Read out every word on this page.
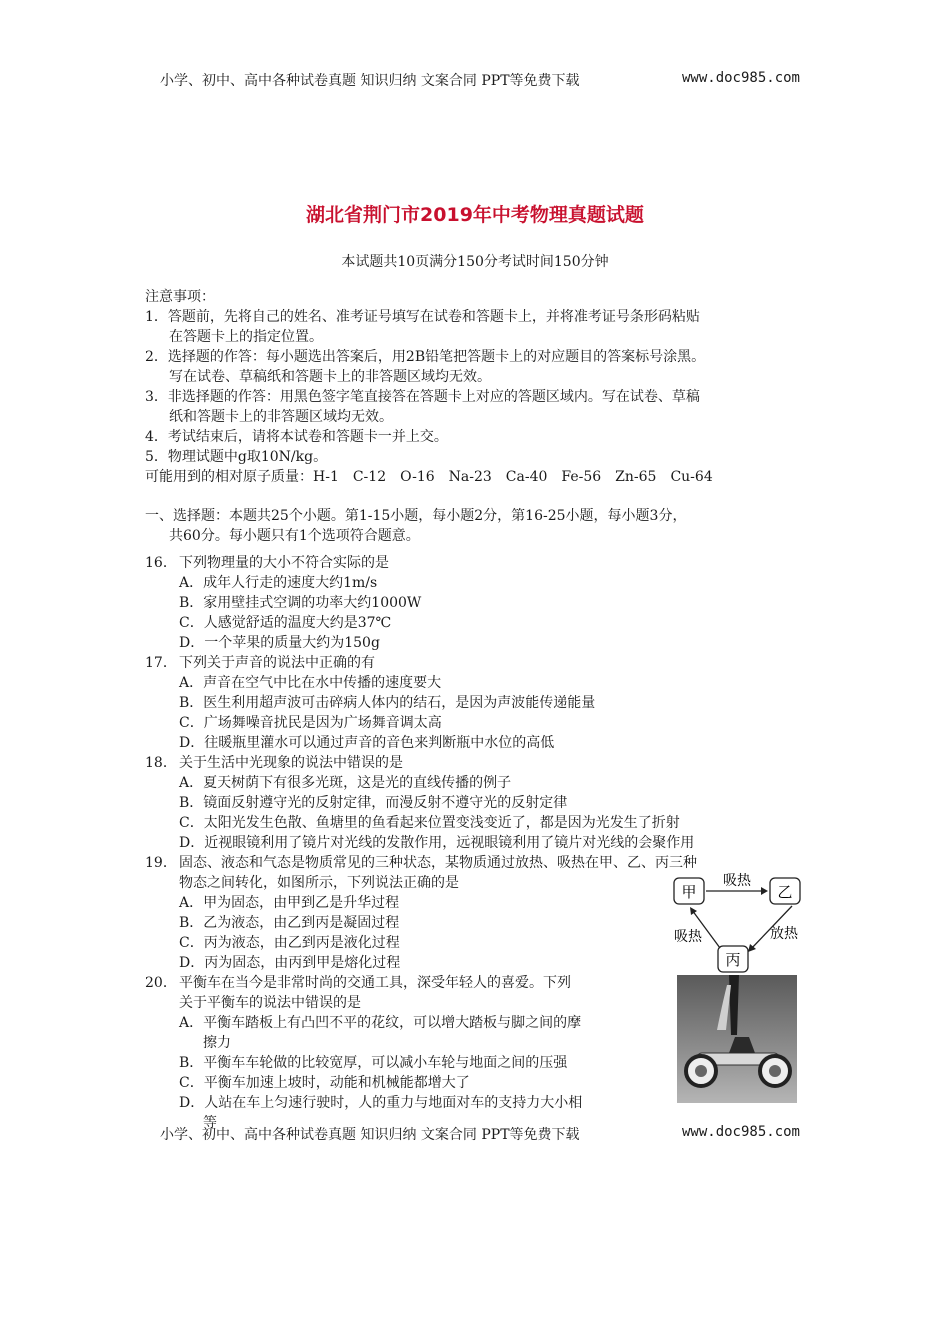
小学、初中、高中各种试卷真题 知识归纳 文案合同 PPT等免费下载	www.doc985.com
湖北省荆门市2019年中考物理真题试题
本试题共10页满分150分考试时间150分钟
注意事项：
1．答题前，先将自己的姓名、准考证号填写在试卷和答题卡上，并将准考证号条形码粘贴
在答题卡上的指定位置。
2．选择题的作答：每小题选出答案后，用2B铅笔把答题卡上的对应题目的答案标号涂黑。
写在试卷、草稿纸和答题卡上的非答题区域均无效。
3．非选择题的作答：用黑色签字笔直接答在答题卡上对应的答题区域内。写在试卷、草稿
纸和答题卡上的非答题区域均无效。
4．考试结束后，请将本试卷和答题卡一并上交。
5．物理试题中g取10N/kg。
可能用到的相对原子质量：H-1　C-12　O-16　Na-23　Ca-40　Fe-56　Zn-65　Cu-64
一、选择题：本题共25个小题。第1-15小题，每小题2分，第16-25小题，每小题3分，
共60分。每小题只有1个选项符合题意。
16． 下列物理量的大小不符合实际的是
A．成年人行走的速度大约1m/s
B．家用壁挂式空调的功率大约1000W
C．人感觉舒适的温度大约是37℃
D．一个苹果的质量大约为150g
17． 下列关于声音的说法中正确的有
A．声音在空气中比在水中传播的速度要大
B．医生利用超声波可击碎病人体内的结石，是因为声波能传递能量
C．广场舞噪音扰民是因为广场舞音调太高
D．往暖瓶里灌水可以通过声音的音色来判断瓶中水位的高低
18． 关于生活中光现象的说法中错误的是
A．夏天树荫下有很多光斑，这是光的直线传播的例子
B．镜面反射遵守光的反射定律，而漫反射不遵守光的反射定律
C．太阳光发生色散、鱼塘里的鱼看起来位置变浅变近了，都是因为光发生了折射
D．近视眼镜利用了镜片对光线的发散作用，远视眼镜利用了镜片对光线的会聚作用
19． 固态、液态和气态是物质常见的三种状态，某物质通过放热、吸热在甲、乙、丙三种
物态之间转化，如图所示，下列说法正确的是
A．甲为固态，由甲到乙是升华过程
B．乙为液态，由乙到丙是凝固过程
C．丙为液态，由乙到丙是液化过程
D．丙为固态，由丙到甲是熔化过程
20． 平衡车在当今是非常时尚的交通工具，深受年轻人的喜爱。下列
关于平衡车的说法中错误的是
A．平衡车踏板上有凸凹不平的花纹，可以增大踏板与脚之间的摩
擦力
B．平衡车车轮做的比较宽厚，可以减小车轮与地面之间的压强
C．平衡车加速上坡时，动能和机械能都增大了
D．人站在车上匀速行驶时，人的重力与地面对车的支持力大小相
等
甲	乙
丙
吸热
吸热	放热
小学、初中、高中各种试卷真题 知识归纳 文案合同 PPT等免费下载	www.doc985.com
